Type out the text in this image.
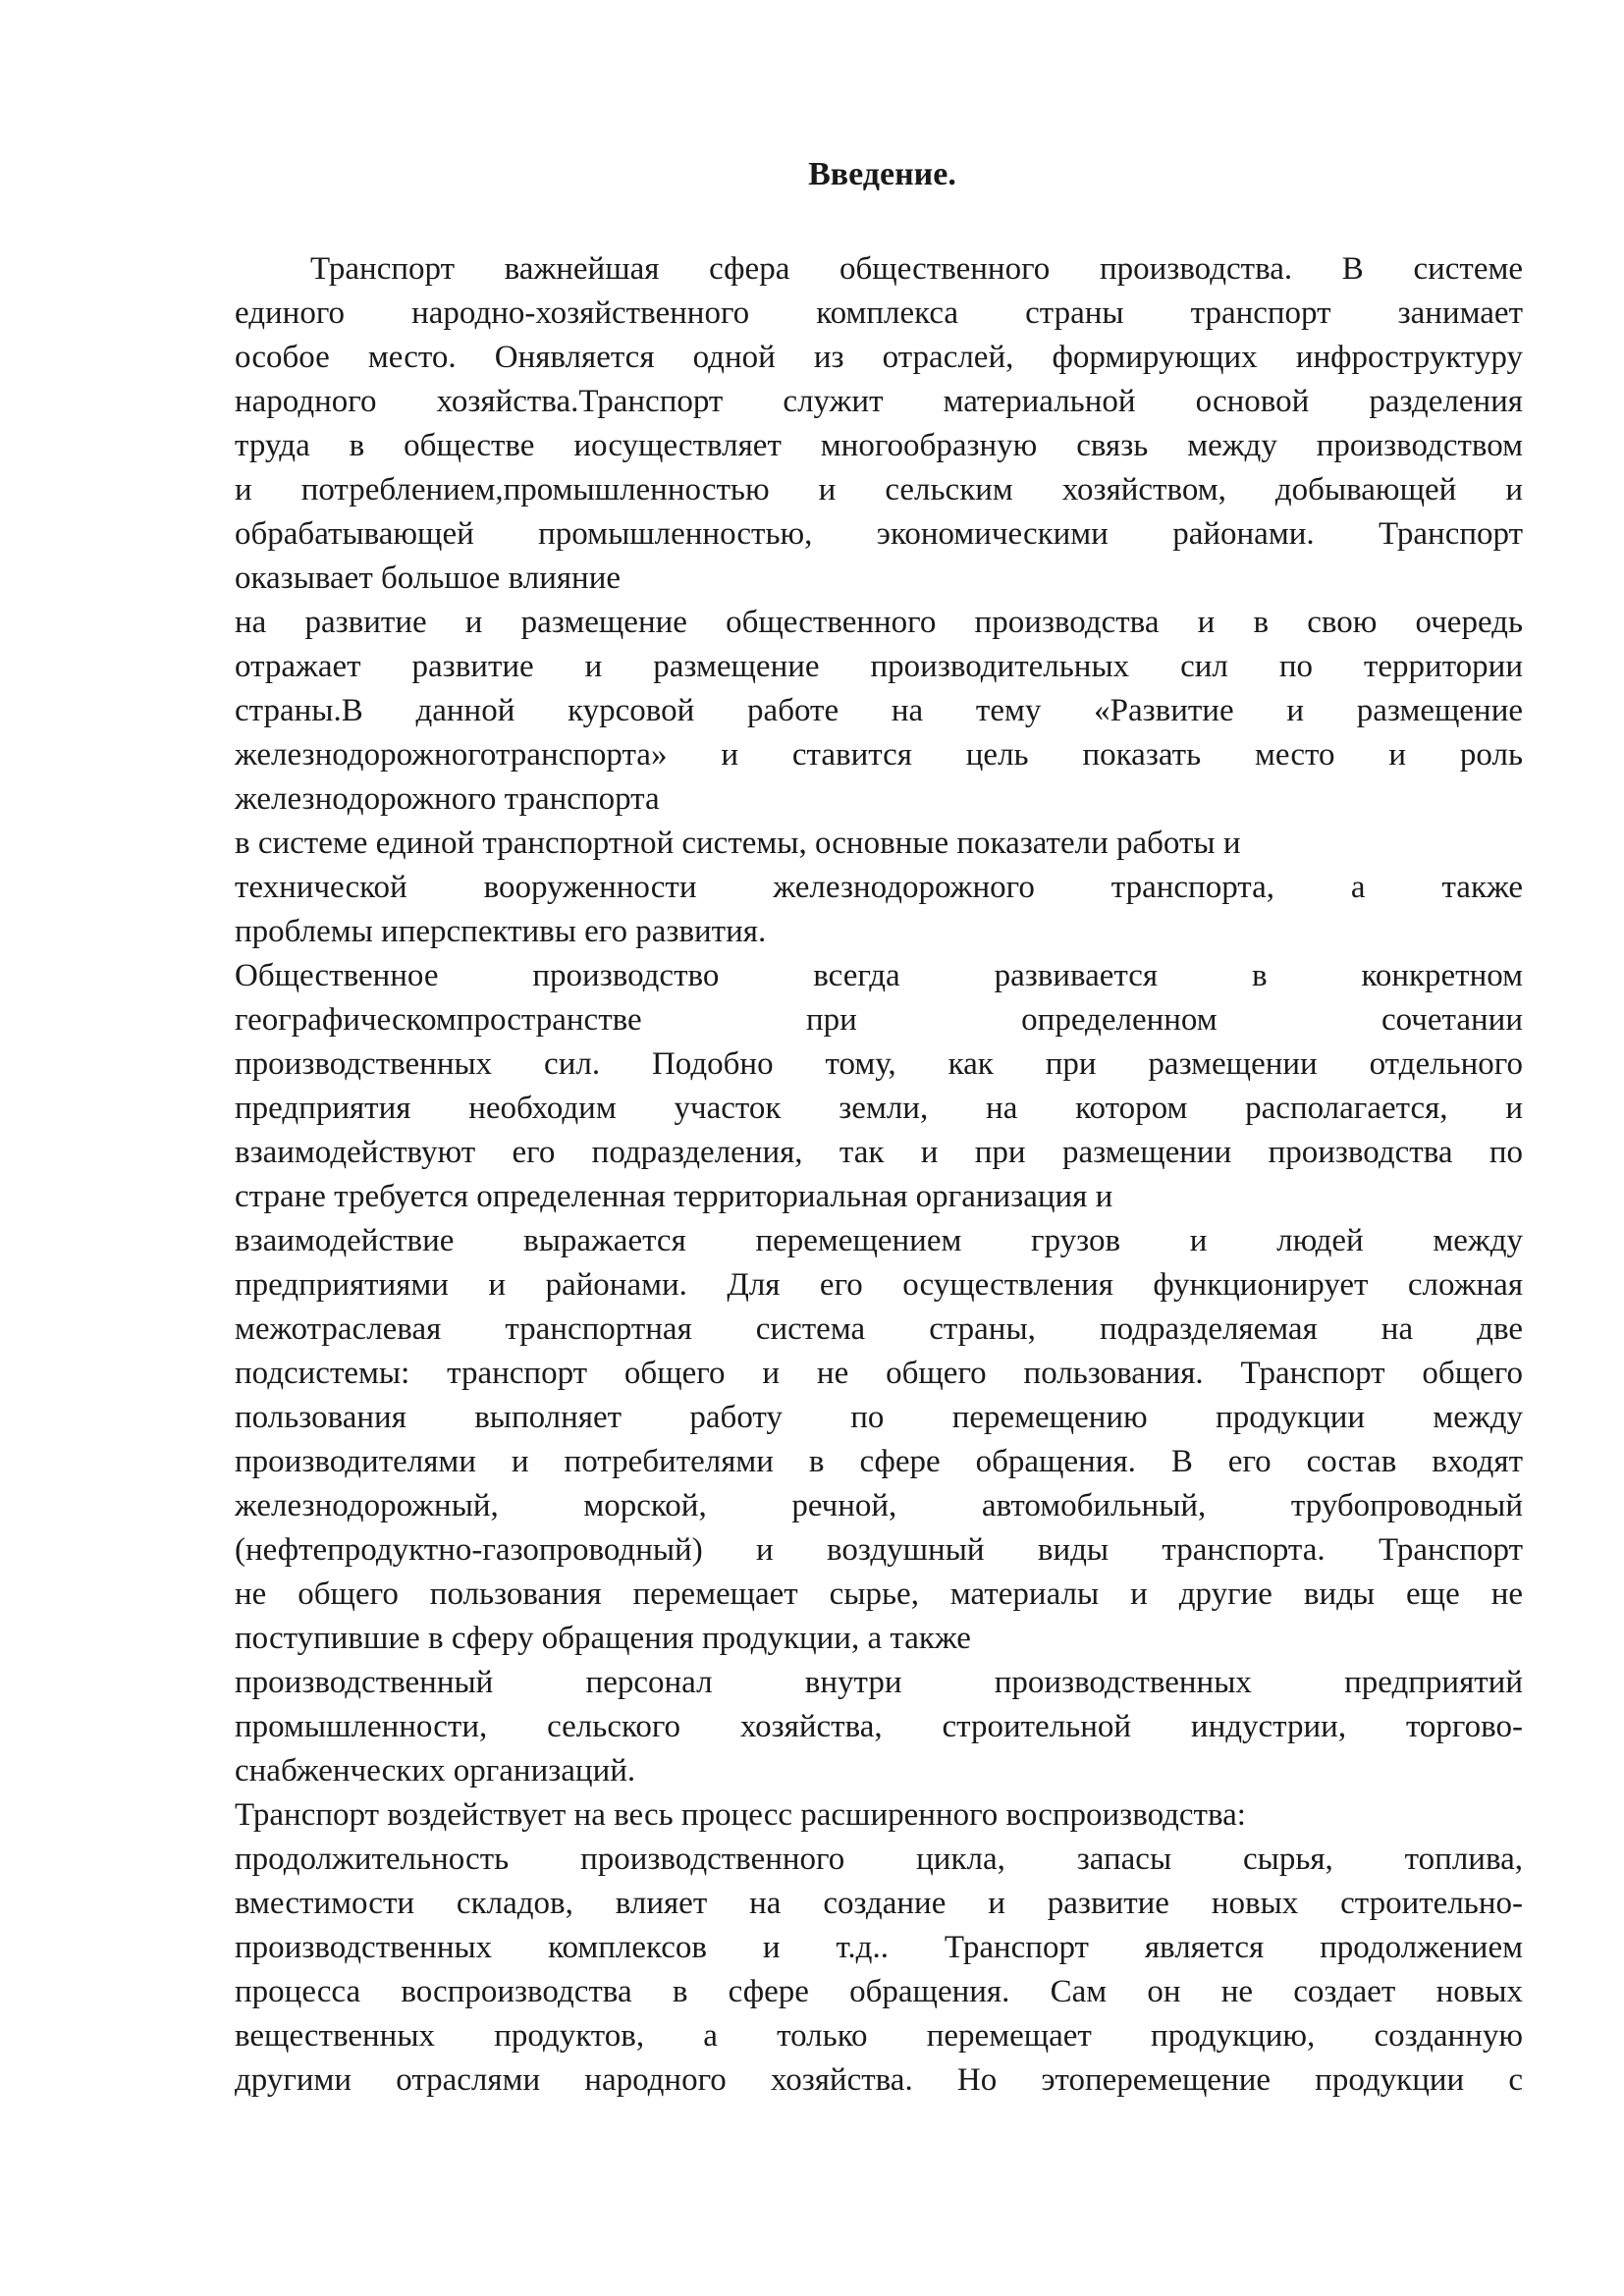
Введение.
Транспорт важнейшая сфера общественного производства. В системе
единого народно-хозяйственного комплекса страны транспорт занимает
особое место. Онявляется одной из отраслей, формирующих инфроструктуру
народного хозяйства.Транспорт служит материальной основой разделения
труда в обществе иосуществляет многообразную связь между производством
и потреблением,промышленностью и сельским хозяйством, добывающей и
обрабатывающей промышленностью, экономическими районами. Транспорт
оказывает большое влияние
на развитие и размещение общественного производства и в свою очередь
отражает развитие и размещение производительных сил по территории
страны.В данной курсовой работе на тему «Развитие и размещение
железнодорожноготранспорта» и ставится цель показать место и роль
железнодорожного транспорта
в системе единой транспортной системы, основные показатели работы и
технической вооруженности железнодорожного транспорта, а также
проблемы иперспективы его развития.
Общественное производство всегда развивается в конкретном
географическомпространстве при определенном сочетании
производственных сил. Подобно тому, как при размещении отдельного
предприятия необходим участок земли, на котором располагается, и
взаимодействуют его подразделения, так и при размещении производства по
стране требуется определенная территориальная организация и
взаимодействие выражается перемещением грузов и людей между
предприятиями и районами. Для его осуществления функционирует сложная
межотраслевая транспортная система страны, подразделяемая на две
подсистемы: транспорт общего и не общего пользования. Транспорт общего
пользования выполняет работу по перемещению продукции между
производителями и потребителями в сфере обращения. В его состав входят
железнодорожный, морской, речной, автомобильный, трубопроводный
(нефтепродуктно-газопроводный) и воздушный виды транспорта. Транспорт
не общего пользования перемещает сырье, материалы и другие виды еще не
поступившие в сферу обращения продукции, а также
производственный персонал внутри производственных предприятий
промышленности, сельского хозяйства, строительной индустрии, торгово-
снабженческих организаций.
Транспорт воздействует на весь процесс расширенного воспроизводства:
продолжительность производственного цикла, запасы сырья, топлива,
вместимости складов, влияет на создание и развитие новых строительно-
производственных комплексов и т.д.. Транспорт является продолжением
процесса воспроизводства в сфере обращения. Сам он не создает новых
вещественных продуктов, а только перемещает продукцию, созданную
другими отраслями народного хозяйства. Но этоперемещение продукции с
